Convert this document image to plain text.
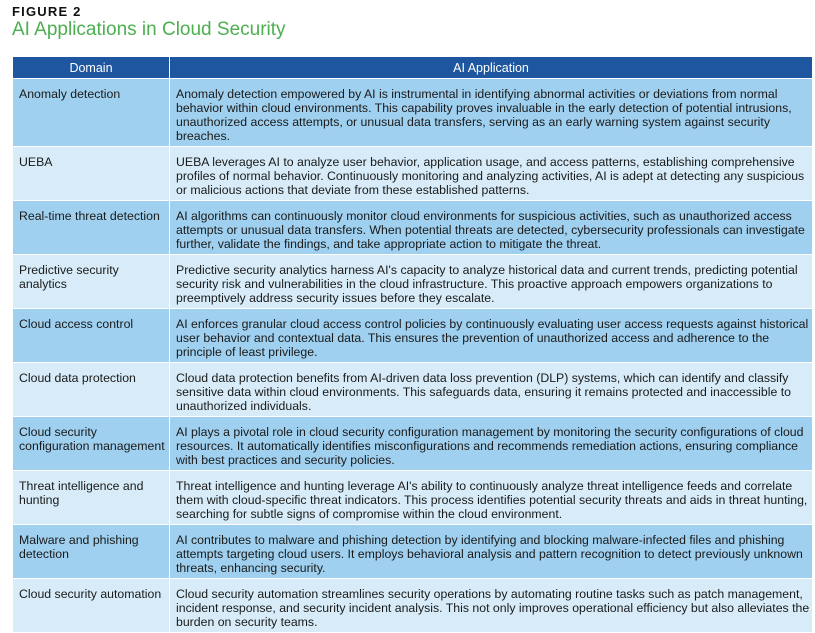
FIGURE 2
AI Applications in Cloud Security
Domain	AI Application
Anomaly detection	Anomaly detection empowered by AI is instrumental in identifying abnormal activities or deviations from normal behavior within cloud environments. This capability proves invaluable in the early detection of potential intrusions, unauthorized access attempts, or unusual data transfers, serving as an early warning system against security breaches.
UEBA	UEBA leverages AI to analyze user behavior, application usage, and access patterns, establishing comprehensive profiles of normal behavior. Continuously monitoring and analyzing activities, AI is adept at detecting any suspicious or malicious actions that deviate from these established patterns.
Real-time threat detection	AI algorithms can continuously monitor cloud environments for suspicious activities, such as unauthorized access attempts or unusual data transfers. When potential threats are detected, cybersecurity professionals can investigate further, validate the findings, and take appropriate action to mitigate the threat.
Predictive security analytics	Predictive security analytics harness AI's capacity to analyze historical data and current trends, predicting potential security risk and vulnerabilities in the cloud infrastructure. This proactive approach empowers organizations to preemptively address security issues before they escalate.
Cloud access control	AI enforces granular cloud access control policies by continuously evaluating user access requests against historical user behavior and contextual data. This ensures the prevention of unauthorized access and adherence to the principle of least privilege.
Cloud data protection	Cloud data protection benefits from AI-driven data loss prevention (DLP) systems, which can identify and classify sensitive data within cloud environments. This safeguards data, ensuring it remains protected and inaccessible to unauthorized individuals.
Cloud security configuration management	AI plays a pivotal role in cloud security configuration management by monitoring the security configurations of cloud resources. It automatically identifies misconfigurations and recommends remediation actions, ensuring compliance with best practices and security policies.
Threat intelligence and hunting	Threat intelligence and hunting leverage AI's ability to continuously analyze threat intelligence feeds and correlate them with cloud-specific threat indicators. This process identifies potential security threats and aids in threat hunting, searching for subtle signs of compromise within the cloud environment.
Malware and phishing detection	AI contributes to malware and phishing detection by identifying and blocking malware-infected files and phishing attempts targeting cloud users. It employs behavioral analysis and pattern recognition to detect previously unknown threats, enhancing security.
Cloud security automation	Cloud security automation streamlines security operations by automating routine tasks such as patch management, incident response, and security incident analysis. This not only improves operational efficiency but also alleviates the burden on security teams.
